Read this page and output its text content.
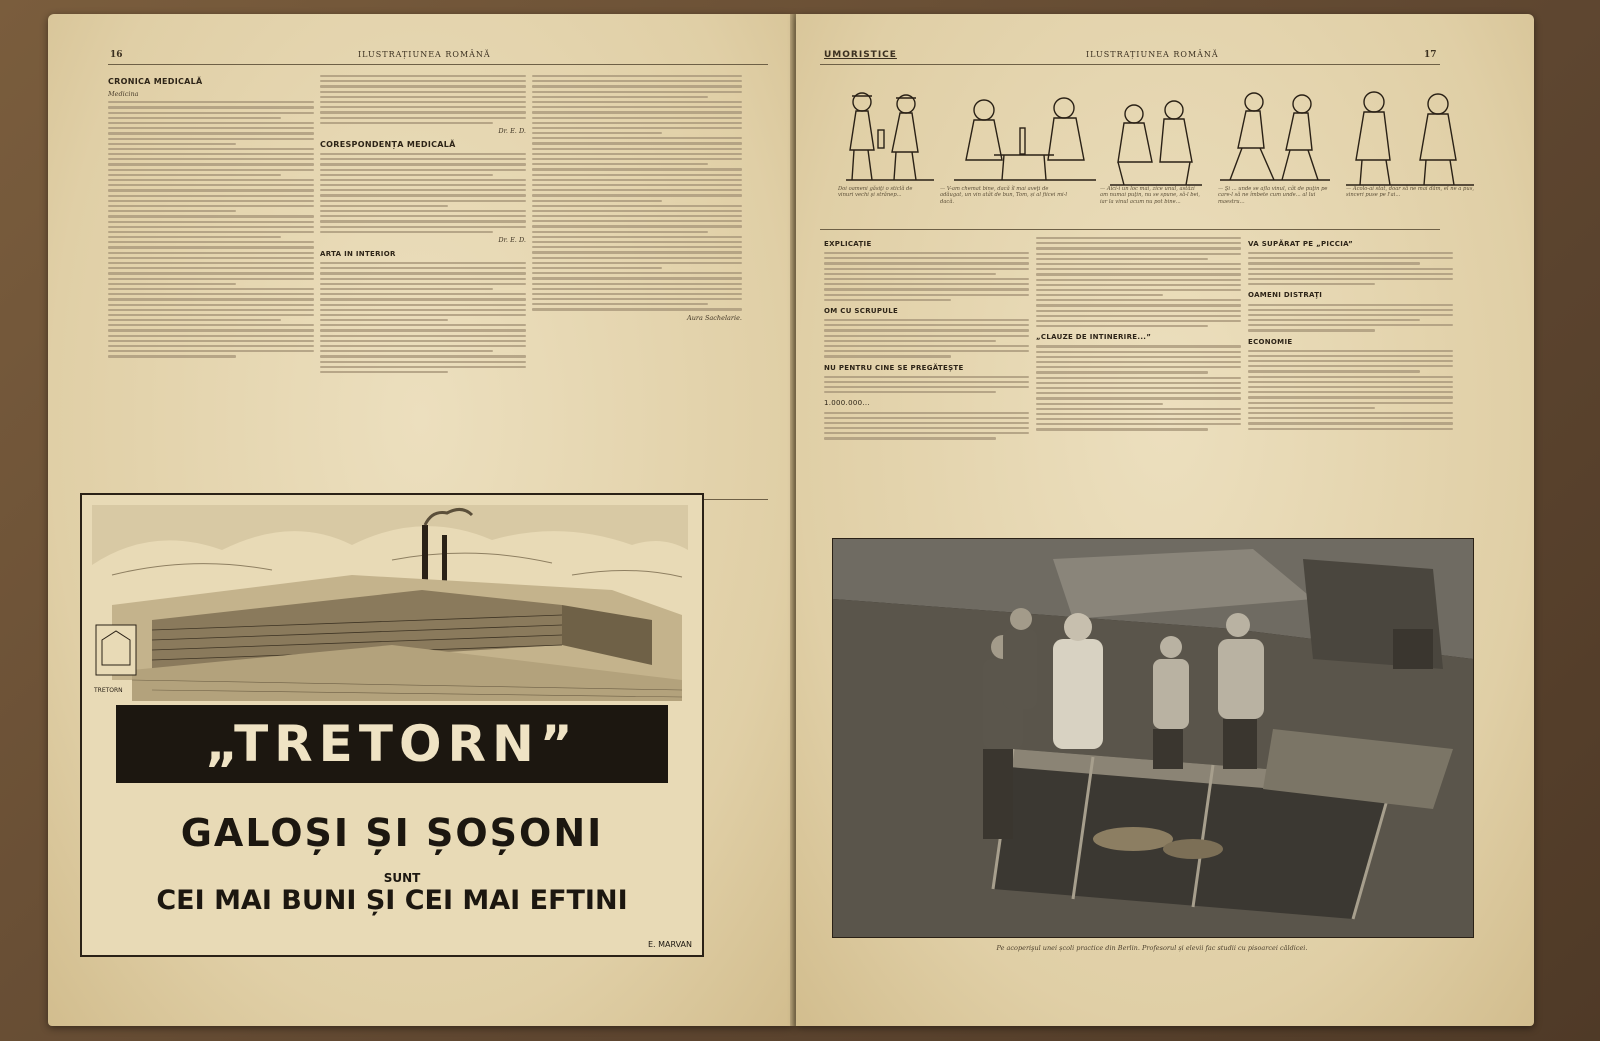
16	ILUSTRAȚIUNEA ROMÂNĂ
CRONICA MEDICALĂ
Medicina
Dr. E. D.
CORESPONDENȚA MEDICALĂ
Dr. E. D.
ARTA IN INTERIOR
Aura Sachelarie.
TRETORN
„TRETORN”
GALOȘI ȘI ȘOȘONI
SUNT
CEI MAI BUNI ȘI CEI MAI EFTINI
E. MARVAN
UMORISTICE	ILUSTRAȚIUNEA ROMÂNĂ	17
EXPLICAȚIE
OM CU SCRUPULE
NU PENTRU CINE SE PREGĂTEȘTE
1.000.000...
„CLAUZE DE INTINERIRE...”
VA SUPĂRAT PE „PICCIA”
OAMENI DISTRAŢI
ECONOMIE
Doi oameni găsiţi o sticlă de vinuri vechi şi strănep...
— V-am chemat bine, dacă îl mai aveţi de adăugat, un vin atât de bun, Tom, și al fiicei mi-l dacă.
— Aici-i un loc mai, zice unul, astăzi am numai puţin, nu se spune, să-l bei, iar la vinul acum nu pot bine...
— Şi ... unde se afla vinul, cât de puţin pe care-l să ne îmbete cum unde... al lui maestru...
— Acolo-ai stat, doar să ne mai dăm, el ne a pus, sinceri puse pe l'ai...
Pe acoperişul unei școli practice din Berlin. Profesorul și elevii fac studii cu pisoarcei căldicei.
